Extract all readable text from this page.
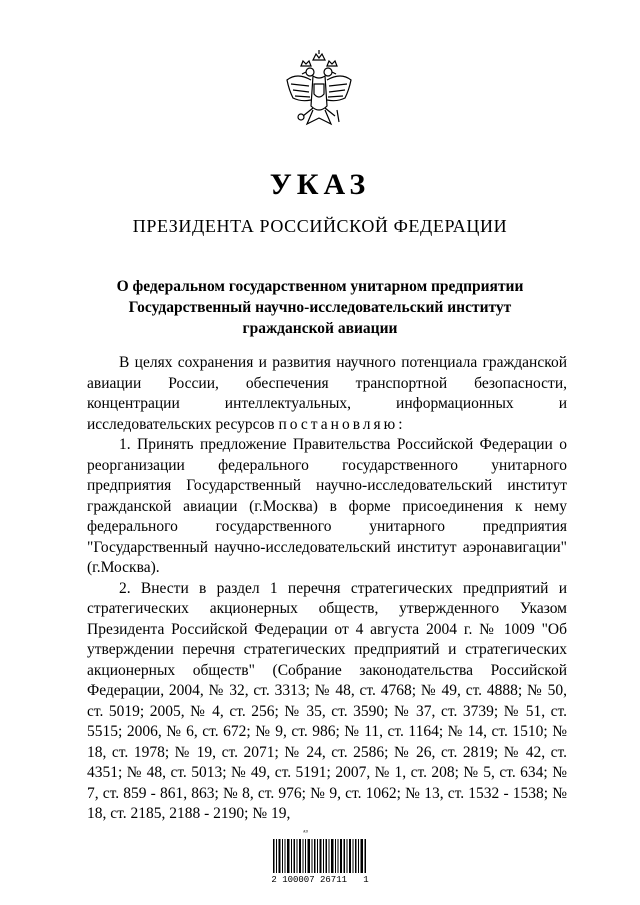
УКАЗ
ПРЕЗИДЕНТА РОССИЙСКОЙ ФЕДЕРАЦИИ
О федеральном государственном унитарном предприятии Государственный научно-исследовательский институт гражданской авиации

В целях сохранения и развития научного потенциала гражданской авиации России, обеспечения транспортной безопасности, концентрации интеллектуальных, информационных и исследовательских ресурсов постановляю:

1. Принять предложение Правительства Российской Федерации о реорганизации федерального государственного унитарного предприятия Государственный научно-исследовательский институт гражданской авиации (г.Москва) в форме присоединения к нему федерального государственного унитарного предприятия "Государственный научно-исследовательский институт аэронавигации" (г.Москва).

2. Внести в раздел 1 перечня стратегических предприятий и стратегических акционерных обществ, утвержденного Указом Президента Российской Федерации от 4 августа 2004 г. № 1009 "Об утверждении перечня стратегических предприятий и стратегических акционерных обществ" (Собрание законодательства Российской Федерации, 2004, № 32, ст. 3313; № 48, ст. 4768; № 49, ст. 4888; № 50, ст. 5019; 2005, № 4, ст. 256; № 35, ст. 3590; № 37, ст. 3739; № 51, ст. 5515; 2006, № 6, ст. 672; № 9, ст. 986; № 11, ст. 1164; № 14, ст. 1510; № 18, ст. 1978; № 19, ст. 2071; № 24, ст. 2586; № 26, ст. 2819; № 42, ст. 4351; № 48, ст. 5013; № 49, ст. 5191; 2007, № 1, ст. 208; № 5, ст. 634; № 7, ст. 859 - 861, 863; № 8, ст. 976; № 9, ст. 1062; № 13, ст. 1532 - 1538; № 18, ст. 2185, 2188 - 2190; № 19,

ᴬᴰ
2 100007 26711   1
